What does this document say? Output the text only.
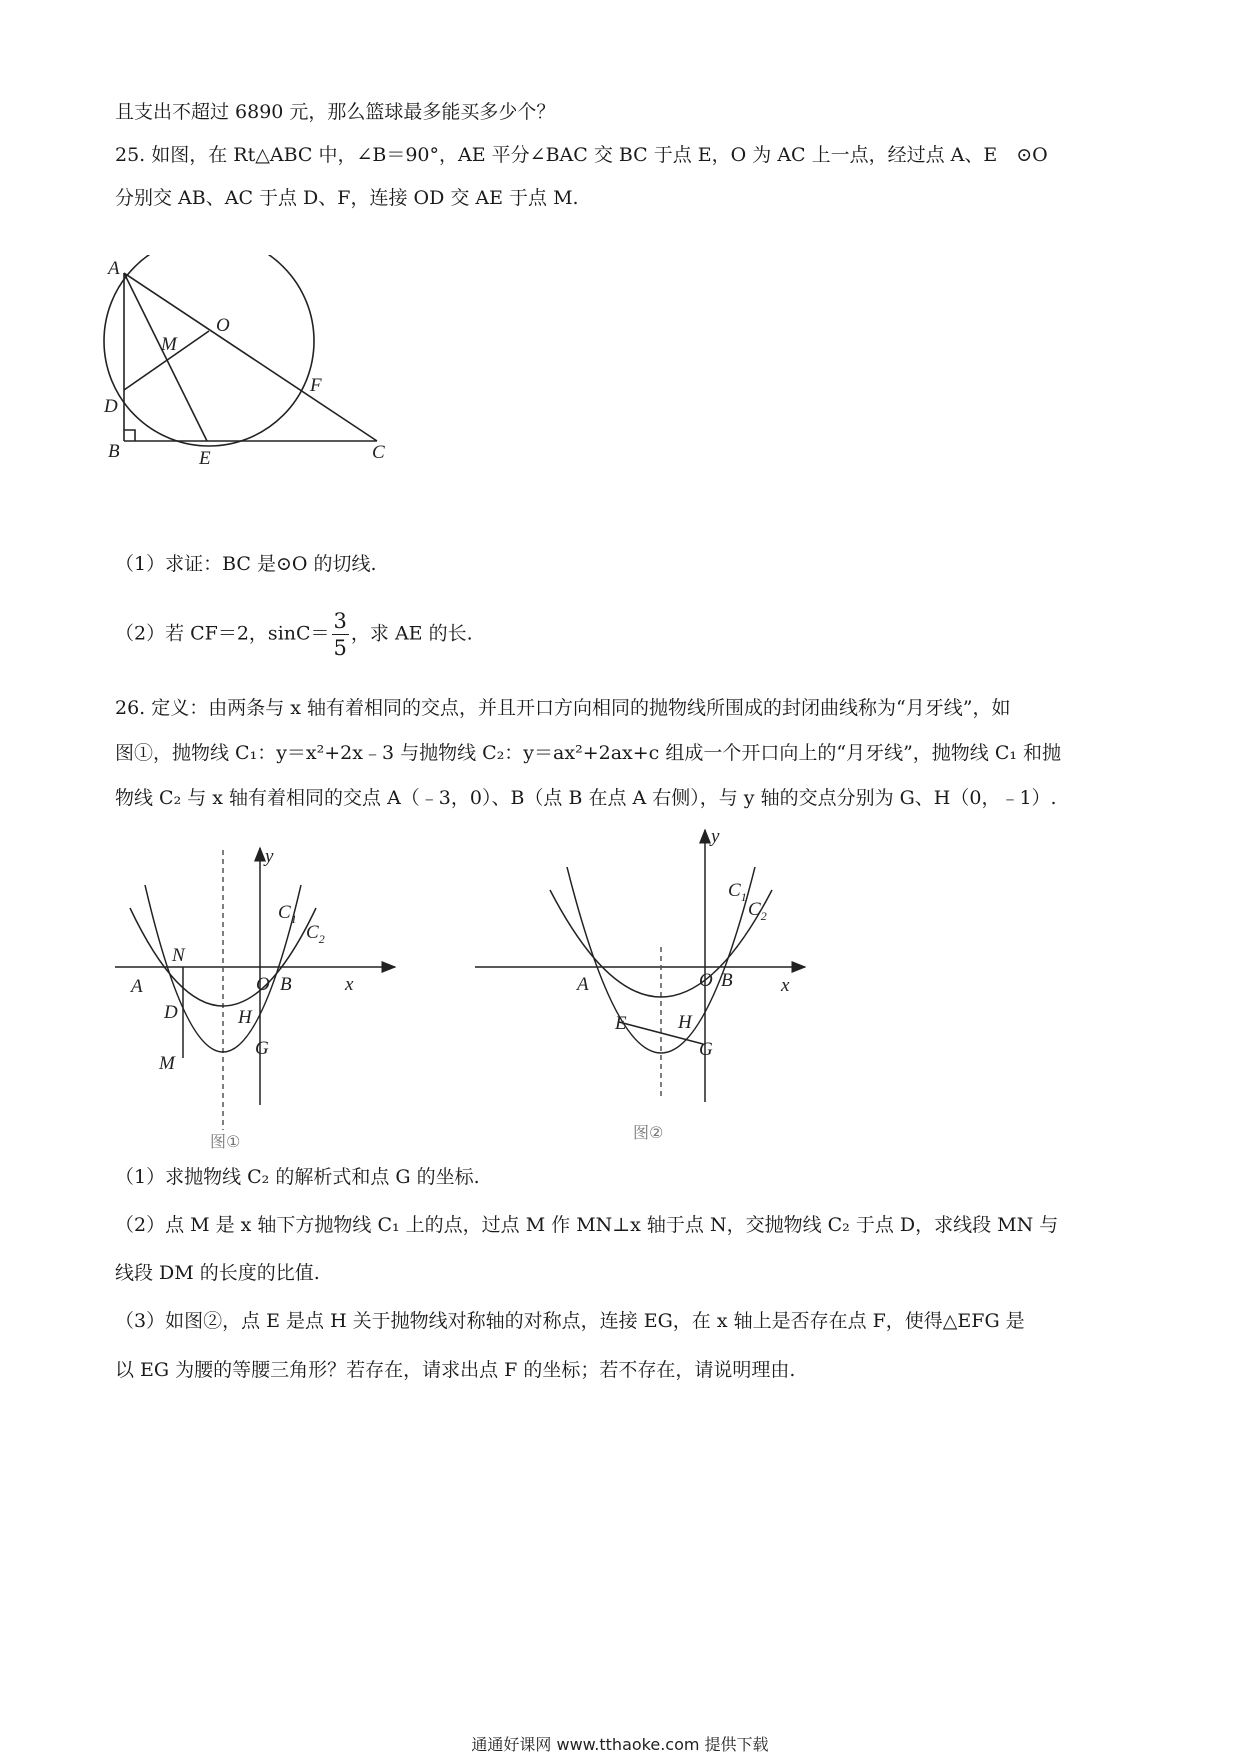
且支出不超过 6890 元，那么篮球最多能买多少个？
25. 如图，在 Rt△ABC 中，∠B＝90°，AE 平分∠BAC 交 BC 于点 E，O 为 AC 上一点，经过点 A、E　⊙O
分别交 AB、AC 于点 D、F，连接 OD 交 AE 于点 M.
A
B	C
D
E
F
O
M
（1）求证：BC 是⊙O 的切线.
（2）若 CF＝2，$\sin C= \frac{3}{5}$ ，求 AE 的长.
26. 定义：由两条与 x 轴有着相同的交点，并且开口方向相同的抛物线所围成的封闭曲线称为“月牙线”，如
图①，抛物线 C₁：y＝x²+2x﹣3 与抛物线 C₂：y＝ax²+2ax+c 组成一个开口向上的“月牙线”，抛物线 C₁ 和抛
物线 C₂ 与 x 轴有着相同的交点 A（﹣3，0）、B（点 B 在点 A 右侧），与 y 轴的交点分别为 G、H（0，﹣1）.
y
x
$C_1$
$C_2$
A	B
O
N
D
M
H
G
图①
y
x
$C_1$
$C_2$
A	B
O
E	H
G
图②
（1）求抛物线 C₂ 的解析式和点 G 的坐标.
（2）点 M 是 x 轴下方抛物线 C₁ 上的点，过点 M 作 MN⊥x 轴于点 N，交抛物线 C₂ 于点 D，求线段 MN 与
线段 DM 的长度的比值.
（3）如图②，点 E 是点 H 关于抛物线对称轴的对称点，连接 EG，在 x 轴上是否存在点 F，使得△EFG 是
以 EG 为腰的等腰三角形？若存在，请求出点 F 的坐标；若不存在，请说明理由.
通通好课网 www.tthaoke.com 提供下载
